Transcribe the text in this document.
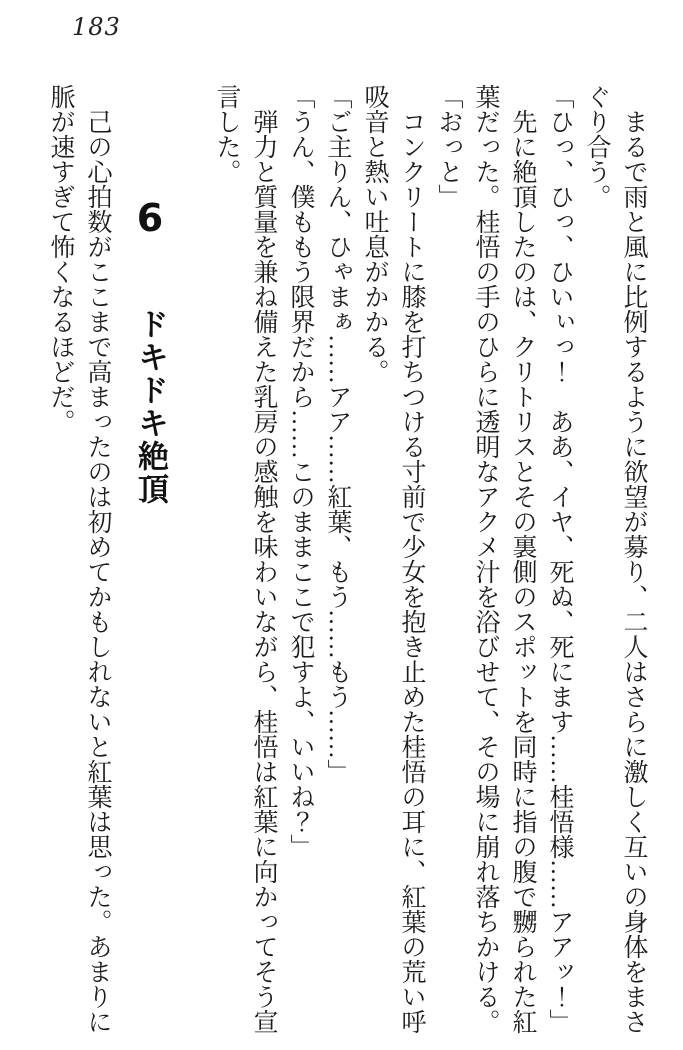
183

まるで雨と風に比例するように欲望が募り、二人はさらに激しく互いの身体をまさぐり合う。

「ひっ、ひっ、ひいぃっ！　ああ、イヤ、死ぬ、死にます……桂悟様……アアッ！」

先に絶頂したのは、クリトリスとその裏側のスポットを同時に指の腹で嬲られた紅葉だった。桂悟の手のひらに透明なアクメ汁を浴びせて、その場に崩れ落ちかける。

「おっと」

コンクリートに膝を打ちつける寸前で少女を抱き止めた桂悟の耳に、紅葉の荒い呼吸音と熱い吐息がかかる。

「ご主りん、ひゃまぁ……アア……紅葉、もう……もう……」

「うん、僕ももう限界だから……このままここで犯すよ、いいね？」

弾力と質量を兼ね備えた乳房の感触を味わいながら、桂悟は紅葉に向かってそう宣言した。

6ドキドキ絶頂

己の心拍数がここまで高まったのは初めてかもしれないと紅葉は思った。あまりに脈が速すぎて怖くなるほどだ。
